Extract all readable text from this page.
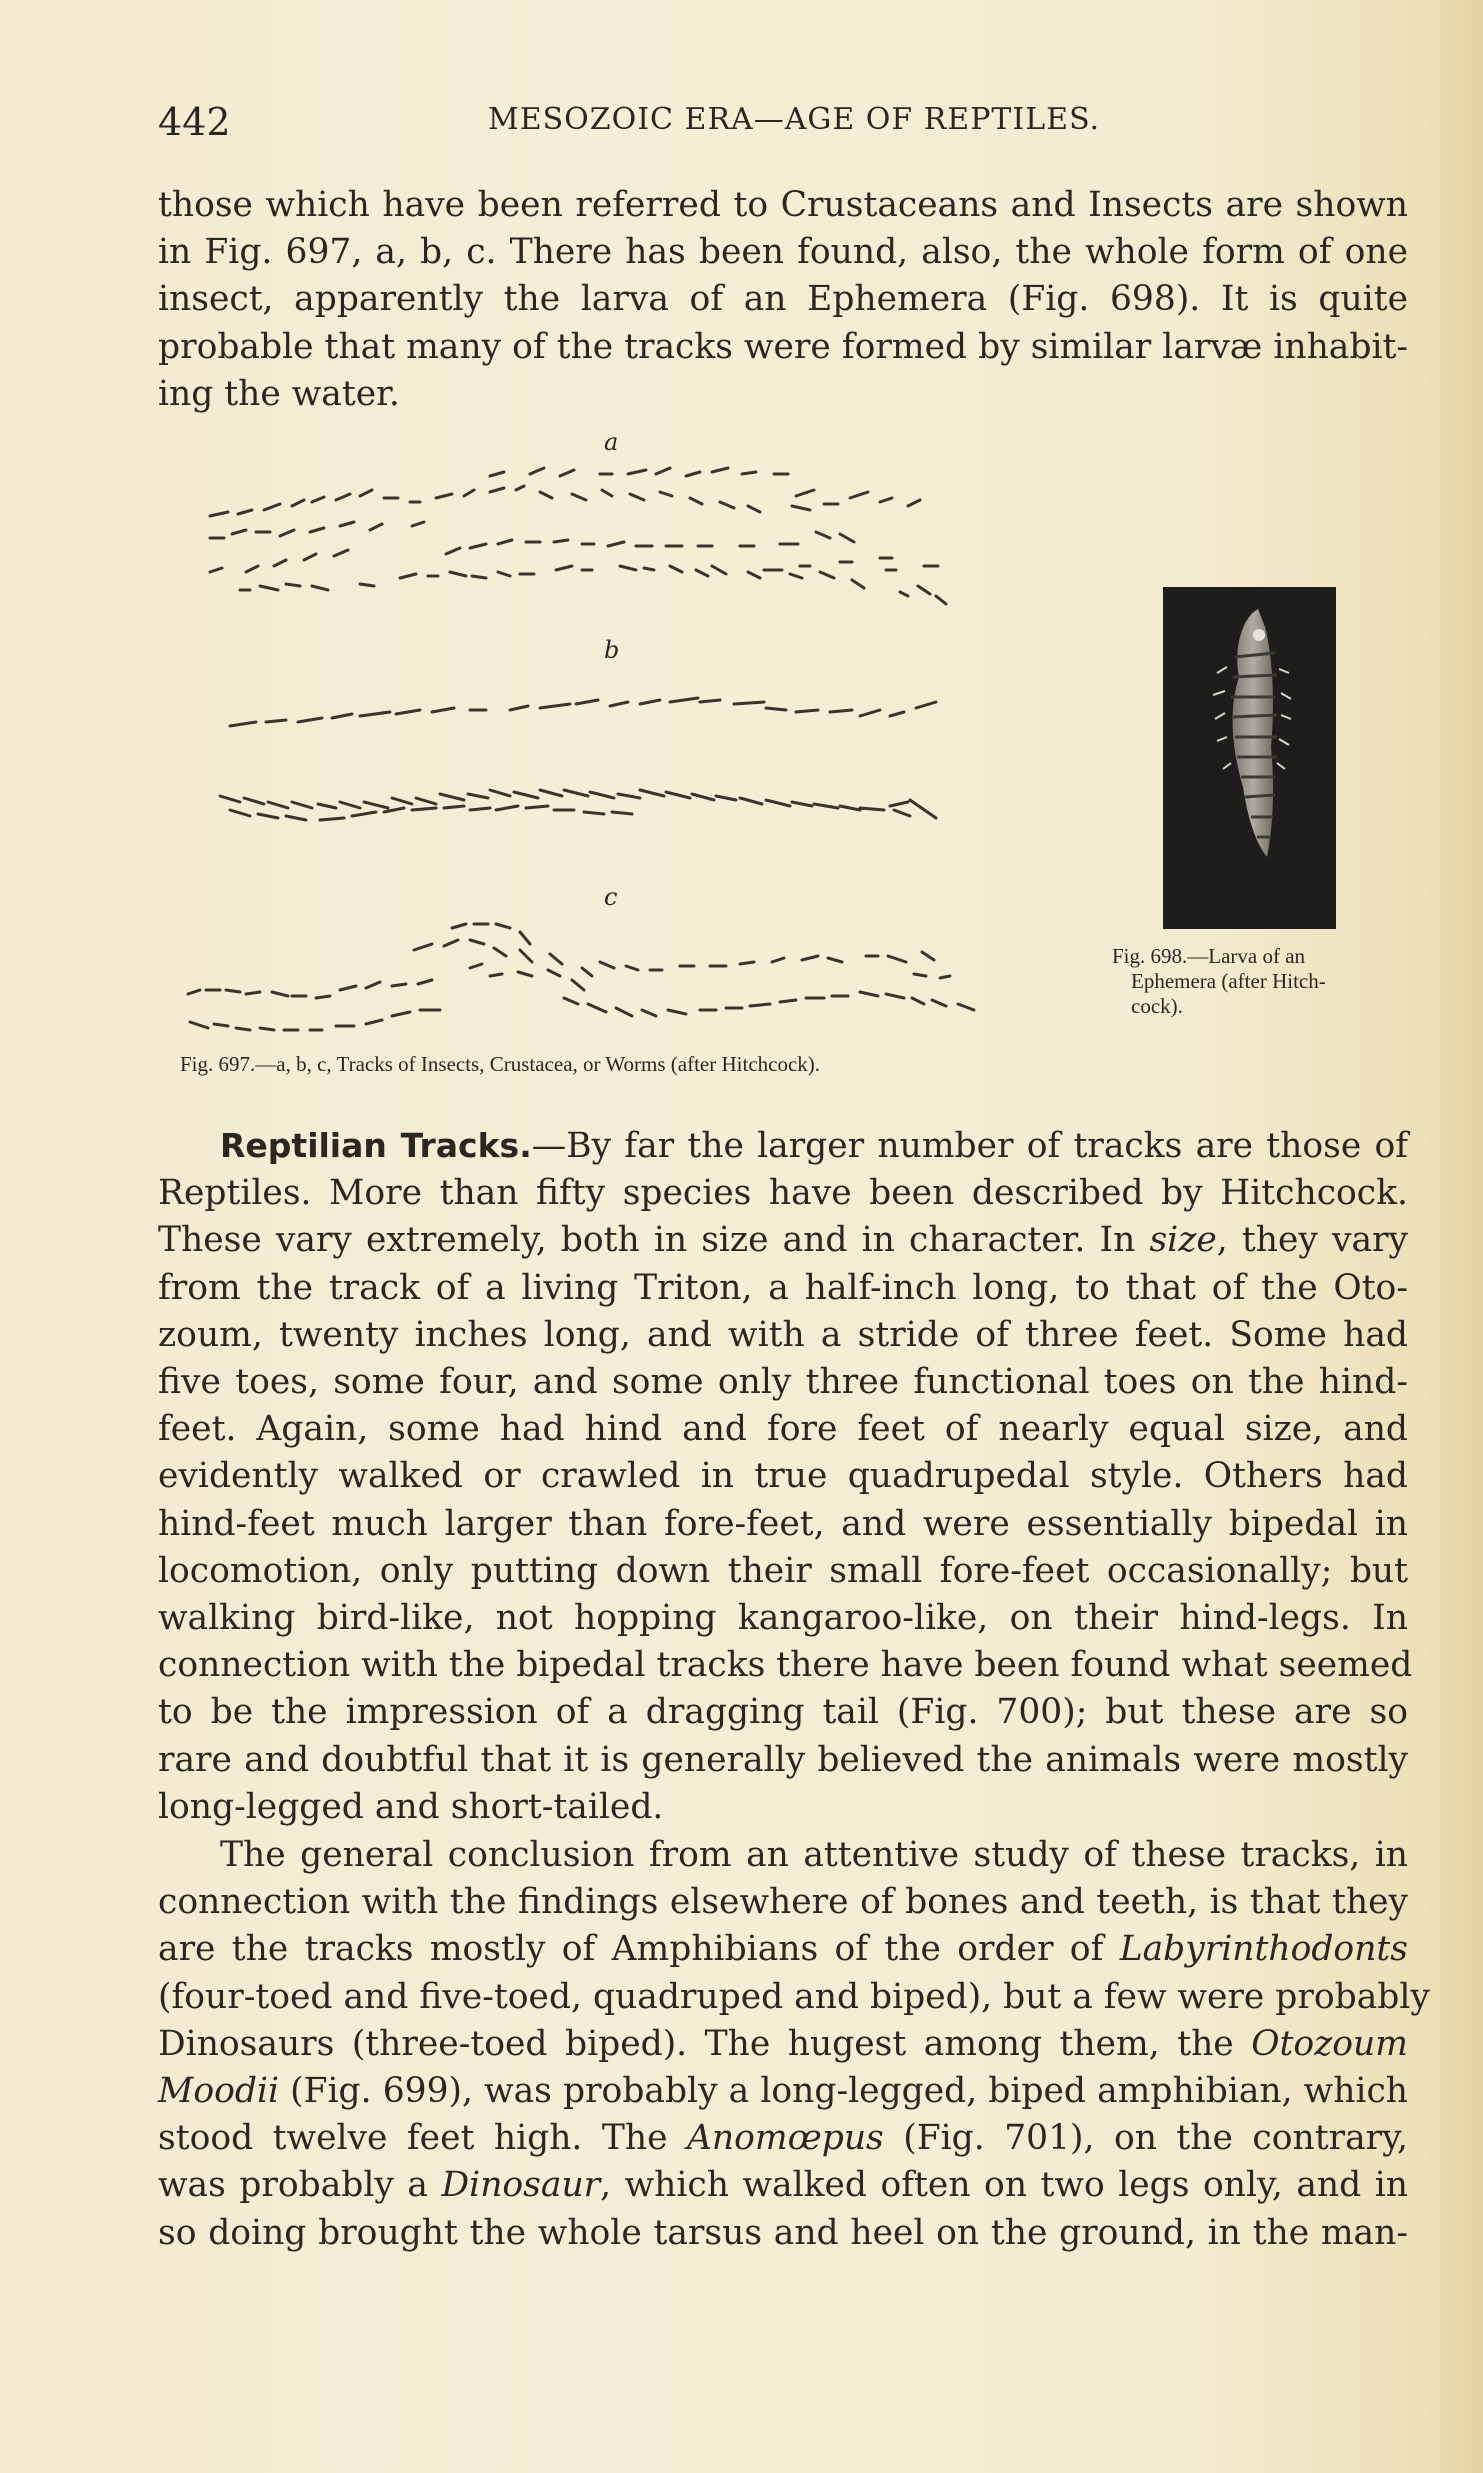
442	MESOZOIC ERA—AGE OF REPTILES.
those which have been referred to Crustaceans and Insects are shown
in Fig. 697, a, b, c. There has been found, also, the whole form of one
insect, apparently the larva of an Ephemera (Fig. 698). It is quite
probable that many of the tracks were formed by similar larvæ inhabit-
ing the water.
a
b
c
Fig. 697.—a, b, c, Tracks of Insects, Crustacea, or Worms (after Hitchcock).
Fig. 698.—Larva of an
Ephemera (after Hitch-
cock).
Reptilian Tracks.—By far the larger number of tracks are those of
Reptiles. More than fifty species have been described by Hitchcock.
These vary extremely, both in size and in character. In size, they vary
from the track of a living Triton, a half-inch long, to that of the Oto-
zoum, twenty inches long, and with a stride of three feet. Some had
five toes, some four, and some only three functional toes on the hind-
feet. Again, some had hind and fore feet of nearly equal size, and
evidently walked or crawled in true quadrupedal style. Others had
hind-feet much larger than fore-feet, and were essentially bipedal in
locomotion, only putting down their small fore-feet occasionally; but
walking bird-like, not hopping kangaroo-like, on their hind-legs. In
connection with the bipedal tracks there have been found what seemed
to be the impression of a dragging tail (Fig. 700); but these are so
rare and doubtful that it is generally believed the animals were mostly
long-legged and short-tailed.
The general conclusion from an attentive study of these tracks, in
connection with the findings elsewhere of bones and teeth, is that they
are the tracks mostly of Amphibians of the order of Labyrinthodonts
(four-toed and five-toed, quadruped and biped), but a few were probably
Dinosaurs (three-toed biped). The hugest among them, the Otozoum
Moodii (Fig. 699), was probably a long-legged, biped amphibian, which
stood twelve feet high. The Anomœpus (Fig. 701), on the contrary,
was probably a Dinosaur, which walked often on two legs only, and in
so doing brought the whole tarsus and heel on the ground, in the man-
